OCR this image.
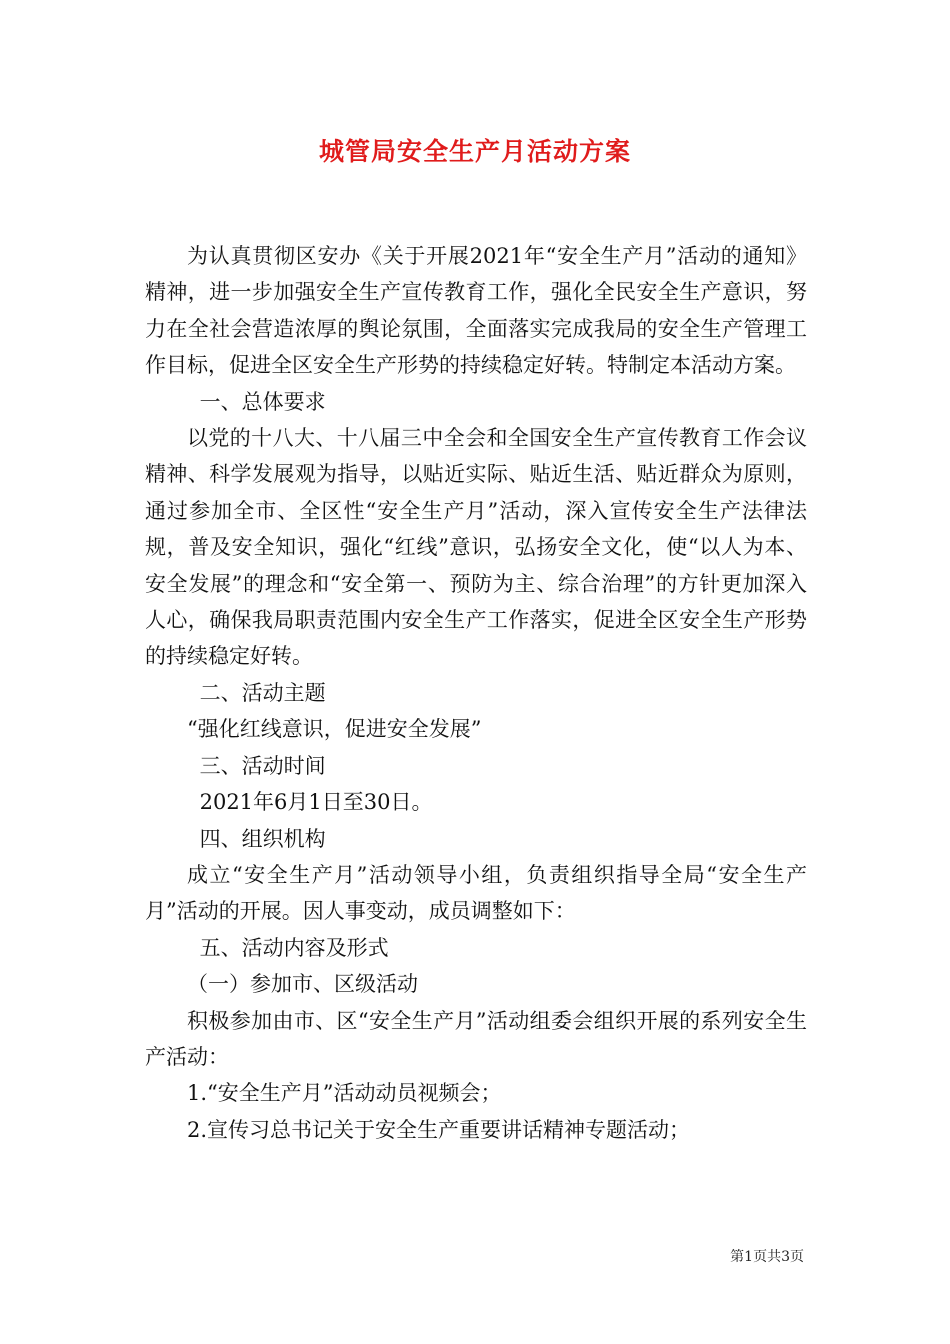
城管局安全生产月活动方案

为认真贯彻区安办《关于开展2021年“安全生产月”活动的通知》精神，进一步加强安全生产宣传教育工作，强化全民安全生产意识，努力在全社会营造浓厚的舆论氛围，全面落实完成我局的安全生产管理工作目标，促进全区安全生产形势的持续稳定好转。特制定本活动方案。

一、总体要求

以党的十八大、十八届三中全会和全国安全生产宣传教育工作会议精神、科学发展观为指导，以贴近实际、贴近生活、贴近群众为原则，通过参加全市、全区性“安全生产月”活动，深入宣传安全生产法律法规，普及安全知识，强化“红线”意识，弘扬安全文化，使“以人为本、安全发展”的理念和“安全第一、预防为主、综合治理”的方针更加深入人心，确保我局职责范围内安全生产工作落实，促进全区安全生产形势的持续稳定好转。

二、活动主题

“强化红线意识，促进安全发展”

三、活动时间

2021年6月1日至30日。

四、组织机构

成立“安全生产月”活动领导小组，负责组织指导全局“安全生产月”活动的开展。因人事变动，成员调整如下：

五、活动内容及形式

（一）参加市、区级活动

积极参加由市、区“安全生产月”活动组委会组织开展的系列安全生产活动：

1.“安全生产月”活动动员视频会；

2.宣传习总书记关于安全生产重要讲话精神专题活动；

第1页共3页
